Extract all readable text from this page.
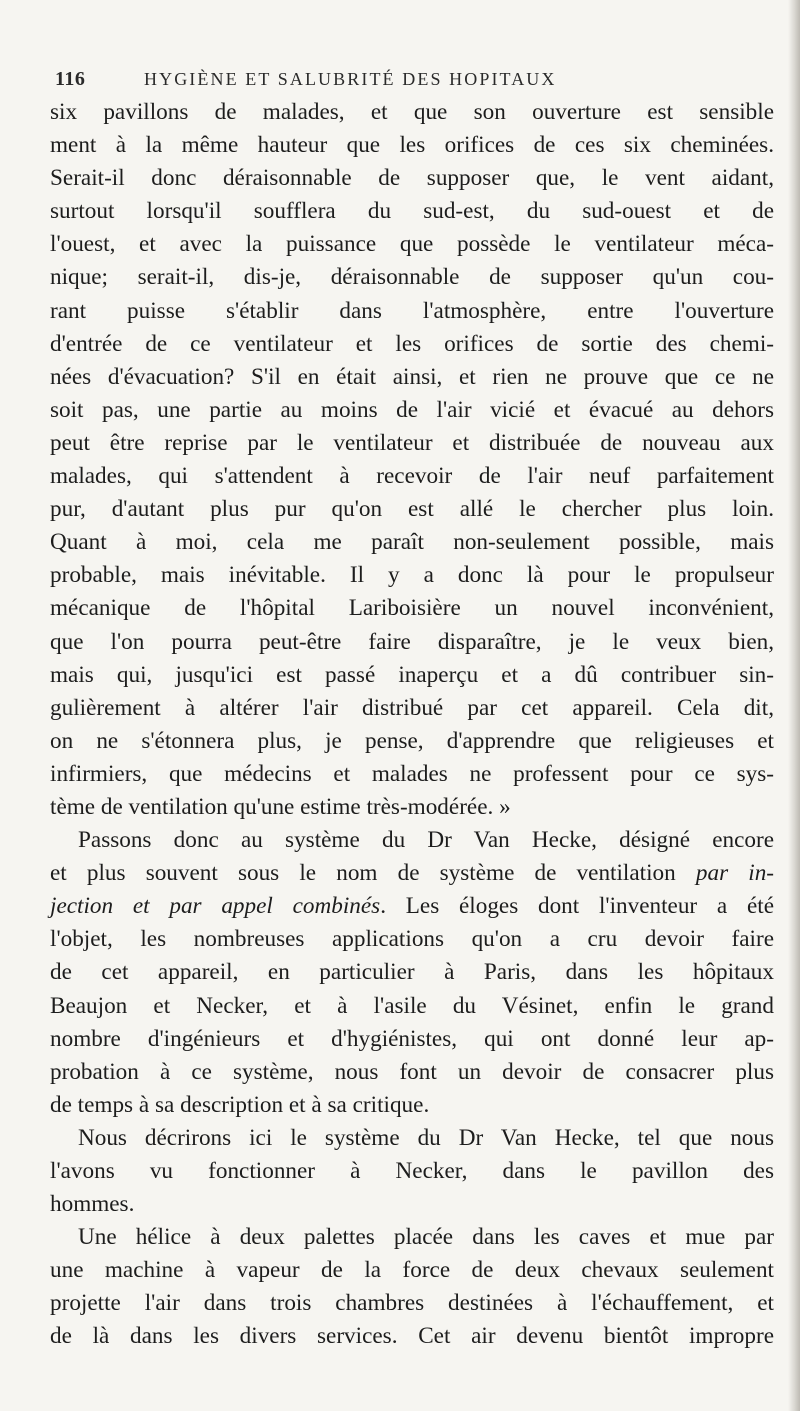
116	HYGIÈNE ET SALUBRITÉ DES HOPITAUX
six pavillons de malades, et que son ouverture est sensible
ment à la même hauteur que les orifices de ces six cheminées.
Serait-il donc déraisonnable de supposer que, le vent aidant,
surtout lorsqu'il soufflera du sud-est, du sud-ouest et de
l'ouest, et avec la puissance que possède le ventilateur méca-
nique; serait-il, dis-je, déraisonnable de supposer qu'un cou-
rant puisse s'établir dans l'atmosphère, entre l'ouverture
d'entrée de ce ventilateur et les orifices de sortie des chemi-
nées d'évacuation? S'il en était ainsi, et rien ne prouve que ce ne
soit pas, une partie au moins de l'air vicié et évacué au dehors
peut être reprise par le ventilateur et distribuée de nouveau aux
malades, qui s'attendent à recevoir de l'air neuf parfaitement
pur, d'autant plus pur qu'on est allé le chercher plus loin.
Quant à moi, cela me paraît non-seulement possible, mais
probable, mais inévitable. Il y a donc là pour le propulseur
mécanique de l'hôpital Lariboisière un nouvel inconvénient,
que l'on pourra peut-être faire disparaître, je le veux bien,
mais qui, jusqu'ici est passé inaperçu et a dû contribuer sin-
gulièrement à altérer l'air distribué par cet appareil. Cela dit,
on ne s'étonnera plus, je pense, d'apprendre que religieuses et
infirmiers, que médecins et malades ne professent pour ce sys-
tème de ventilation qu'une estime très-modérée. »
Passons donc au système du Dr Van Hecke, désigné encore
et plus souvent sous le nom de système de ventilation par in-
jection et par appel combinés. Les éloges dont l'inventeur a été
l'objet, les nombreuses applications qu'on a cru devoir faire
de cet appareil, en particulier à Paris, dans les hôpitaux
Beaujon et Necker, et à l'asile du Vésinet, enfin le grand
nombre d'ingénieurs et d'hygiénistes, qui ont donné leur ap-
probation à ce système, nous font un devoir de consacrer plus
de temps à sa description et à sa critique.
Nous décrirons ici le système du Dr Van Hecke, tel que nous
l'avons vu fonctionner à Necker, dans le pavillon des
hommes.
Une hélice à deux palettes placée dans les caves et mue par
une machine à vapeur de la force de deux chevaux seulement
projette l'air dans trois chambres destinées à l'échauffement, et
de là dans les divers services. Cet air devenu bientôt impropre
